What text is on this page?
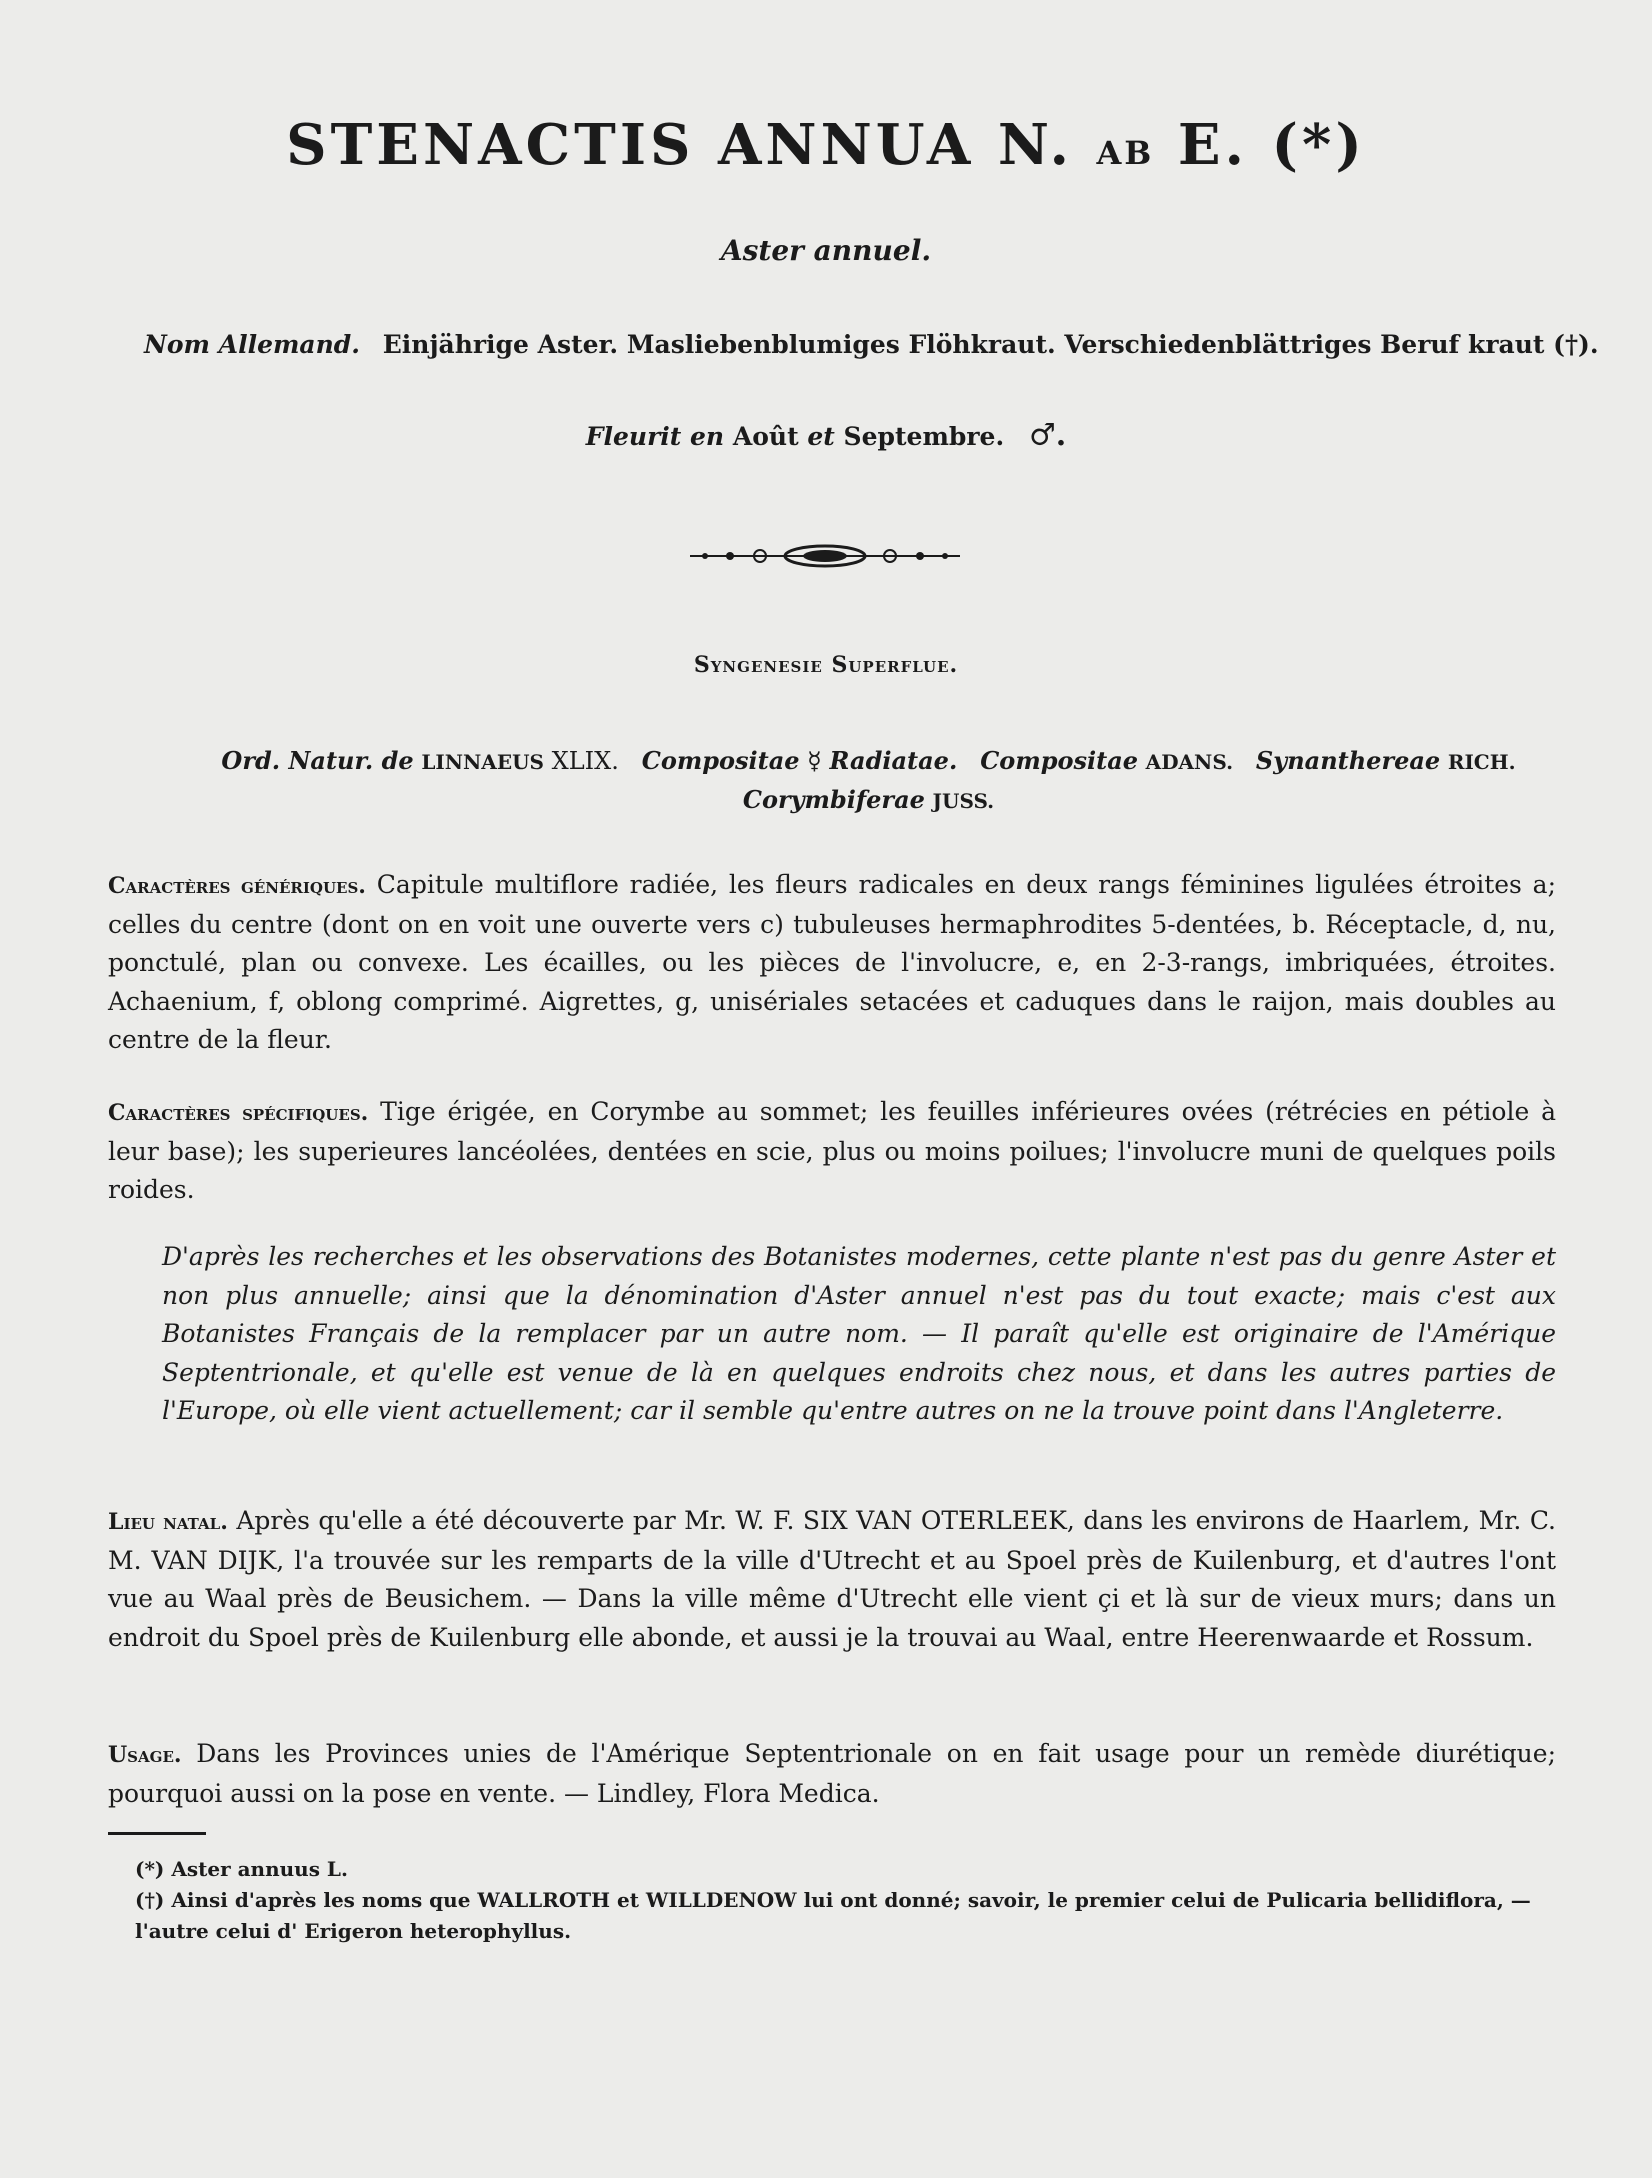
STENACTIS ANNUA N. AB E. (*)
Aster annuel.
Nom Allemand. Einjährige Aster. Masliebenblumiges Flöhkraut. Verschiedenblättriges Beruf kraut (†).
Fleurit en Août et Septembre. ♂.
Syngenesie Superflue.
Ord. Natur. de LINNAEUS XLIX. Compositae ☿ Radiatae. Compositae ADANS. Synanthereae RICH.
Corymbiferae JUSS.
Caractères génériques. Capitule multiflore radiée, les fleurs radicales en deux rangs féminines ligulées étroites a; celles du centre (dont on en voit une ouverte vers c) tubuleuses hermaphrodites 5-dentées, b. Réceptacle, d, nu, ponctulé, plan ou convexe. Les écailles, ou les pièces de l'involucre, e, en 2-3-rangs, imbriquées, étroites. Achaenium, f, oblong comprimé. Aigrettes, g, unisériales setacées et caduques dans le raijon, mais doubles au centre de la fleur.
Caractères spécifiques. Tige érigée, en Corymbe au sommet; les feuilles inférieures ovées (rétrécies en pétiole à leur base); les superieures lancéolées, dentées en scie, plus ou moins poilues; l'involucre muni de quelques poils roides.
D'après les recherches et les observations des Botanistes modernes, cette plante n'est pas du genre Aster et non plus annuelle; ainsi que la dénomination d'Aster annuel n'est pas du tout exacte; mais c'est aux Botanistes Français de la remplacer par un autre nom. — Il paraît qu'elle est originaire de l'Amérique Septentrionale, et qu'elle est venue de là en quelques endroits chez nous, et dans les autres parties de l'Europe, où elle vient actuellement; car il semble qu'entre autres on ne la trouve point dans l'Angleterre.
Lieu natal. Après qu'elle a été découverte par Mr. W. F. SIX VAN OTERLEEK, dans les environs de Haarlem, Mr. C. M. VAN DIJK, l'a trouvée sur les remparts de la ville d'Utrecht et au Spoel près de Kuilenburg, et d'autres l'ont vue au Waal près de Beusichem. — Dans la ville même d'Utrecht elle vient çi et là sur de vieux murs; dans un endroit du Spoel près de Kuilenburg elle abonde, et aussi je la trouvai au Waal, entre Heerenwaarde et Rossum.
Usage. Dans les Provinces unies de l'Amérique Septentrionale on en fait usage pour un remède diurétique; pourquoi aussi on la pose en vente. — Lindley, Flora Medica.

(*) Aster annuus L.

(†) Ainsi d'après les noms que WALLROTH et WILLDENOW lui ont donné; savoir, le premier celui de Pulicaria bellidiflora, — l'autre celui d' Erigeron heterophyllus.
